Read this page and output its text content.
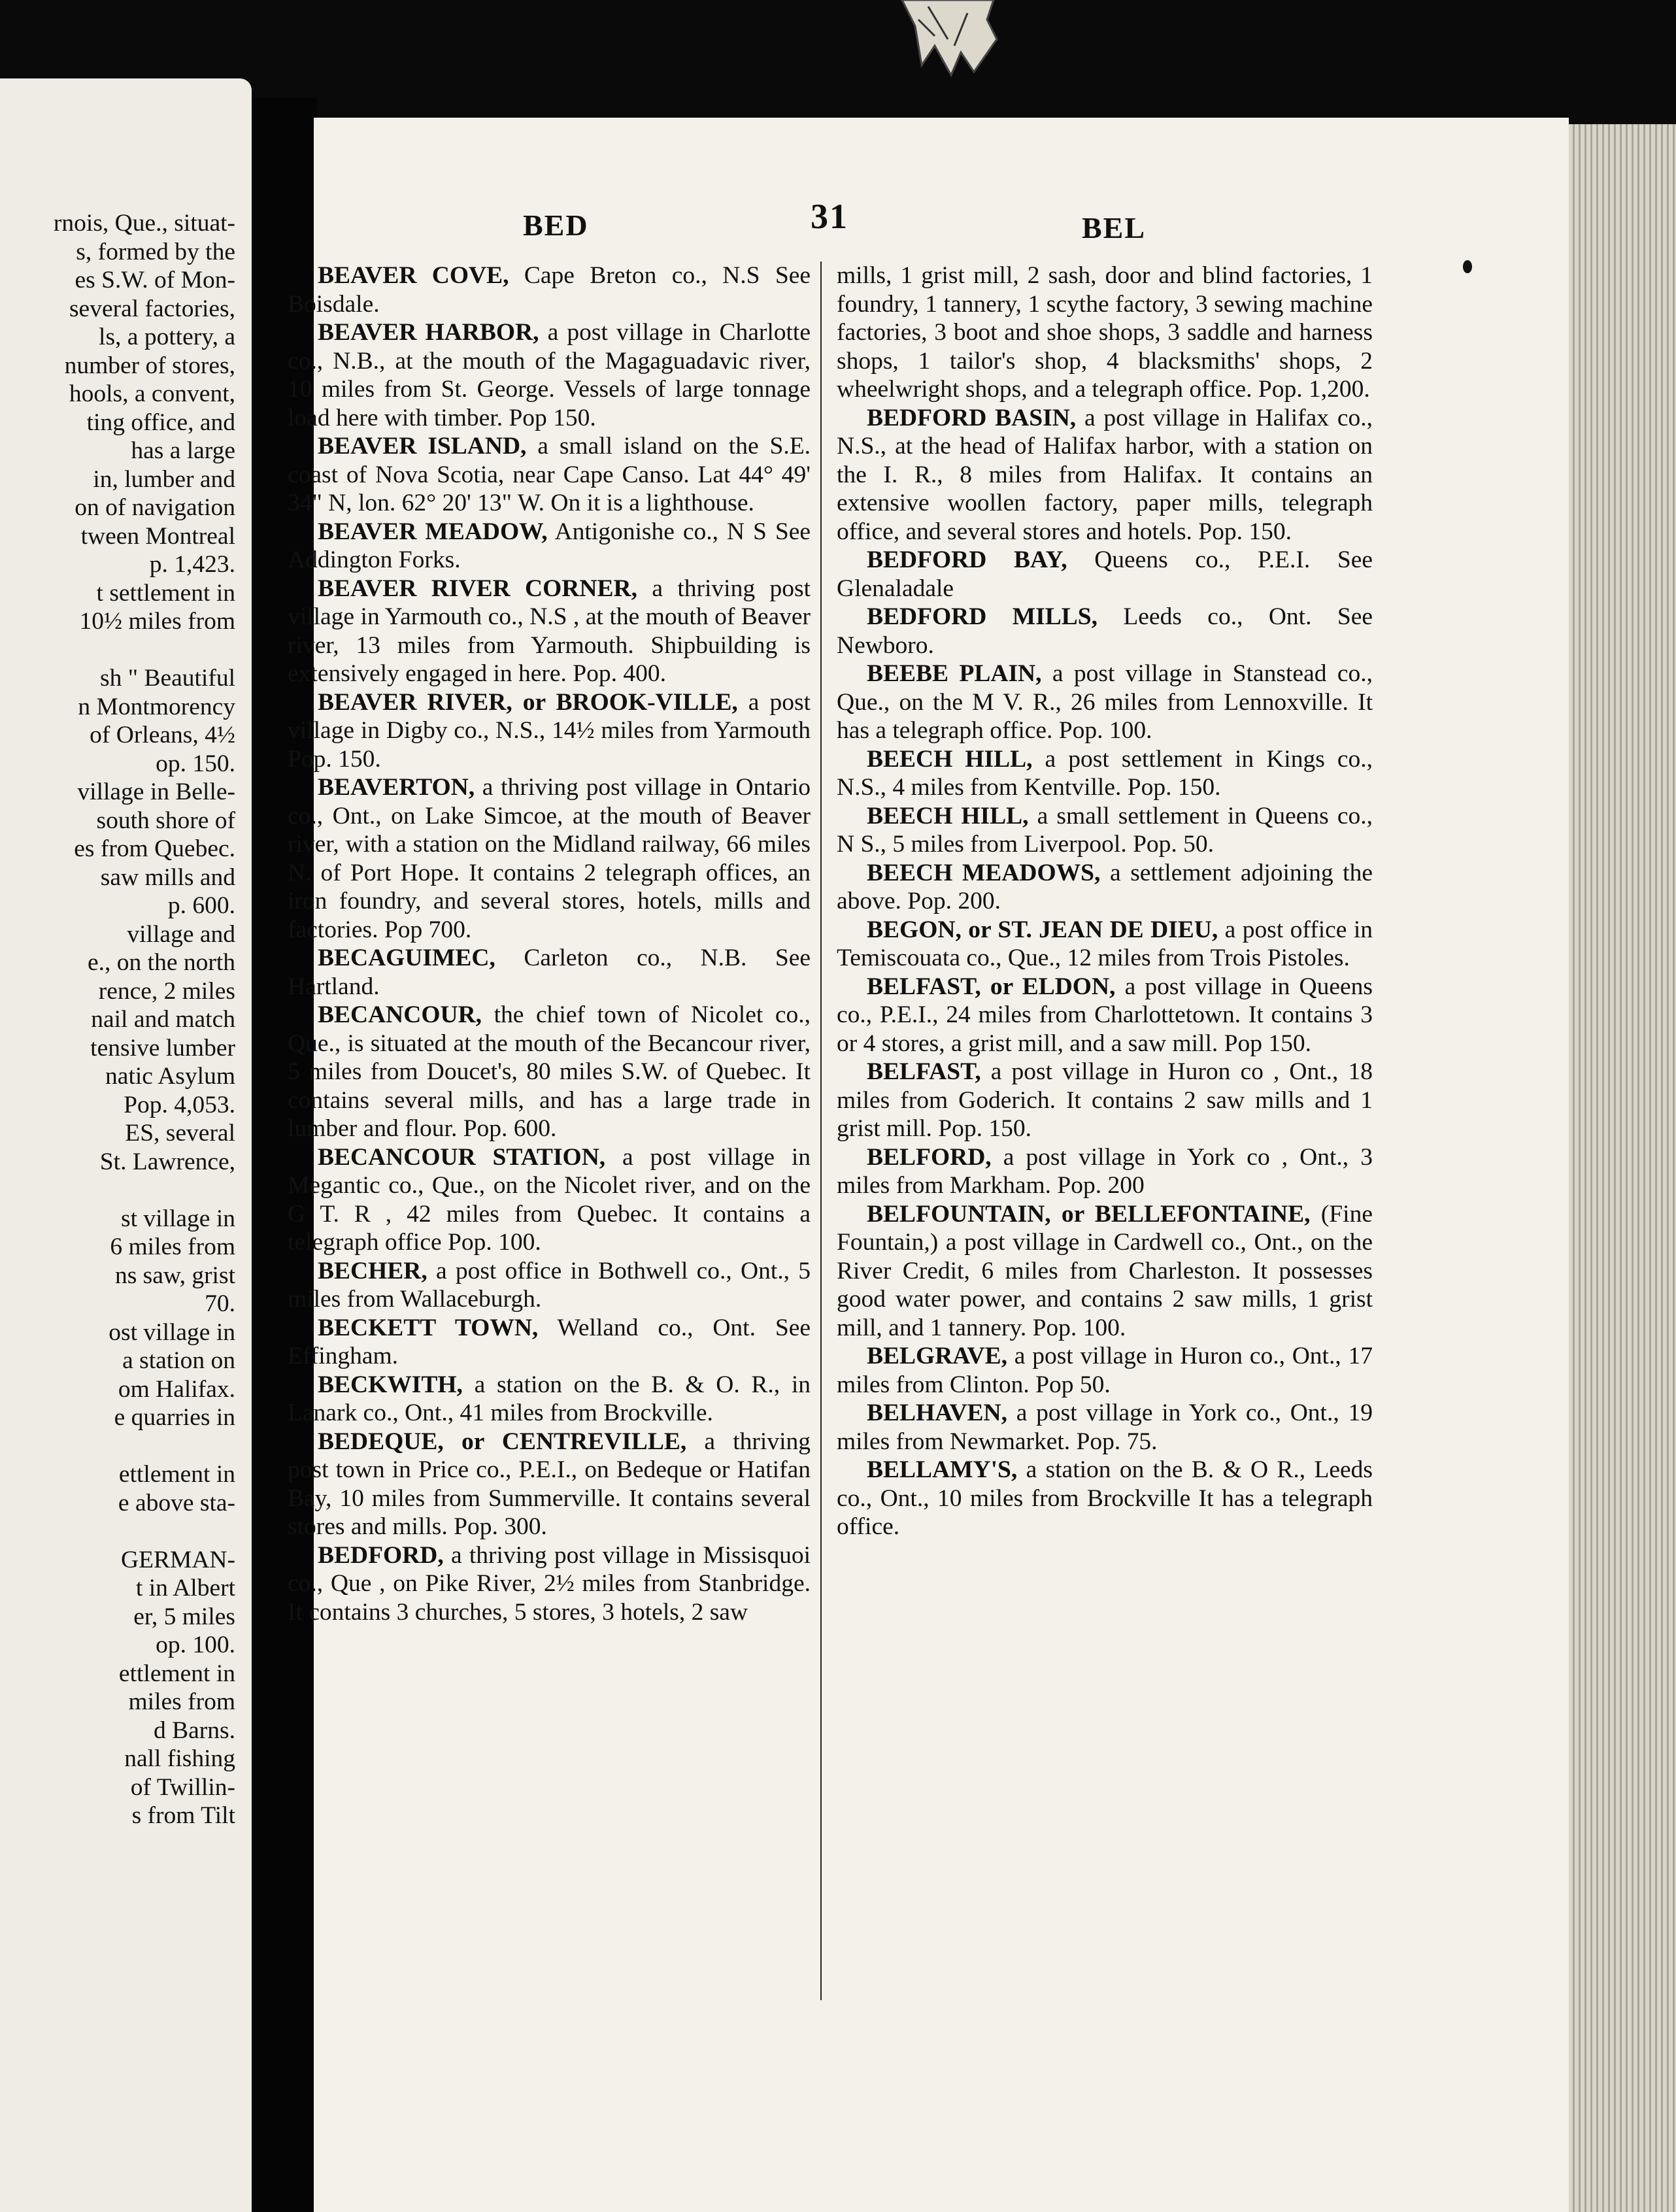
rnois, Que., situat-
s, formed by the
es S.W. of Mon-
several factories,
ls, a pottery, a
number of stores,
hools, a convent,
ting office, and
has a large
in, lumber and
on of navigation
tween Montreal
p. 1,423.
t settlement in
10½ miles from
sh " Beautiful
n Montmorency
of Orleans, 4½
op. 150.
village in Belle-
south shore of
es from Quebec.
saw mills and
p. 600.
village and
e., on the north
rence, 2 miles
nail and match
tensive lumber
natic Asylum
Pop. 4,053.
ES, several
St. Lawrence,
st village in
6 miles from
ns saw, grist
70.
ost village in
a station on
om Halifax.
e quarries in
ettlement in
e above sta-
GERMAN-
t in Albert
er, 5 miles
op. 100.
ettlement in
miles from
d Barns.
nall fishing
of Twillin-
s from Tilt
BED	31	BEL

BEAVER COVE, Cape Breton co., N.S See Boisdale.

BEAVER HARBOR, a post village in Charlotte co., N.B., at the mouth of the Magaguadavic river, 10 miles from St. George. Vessels of large tonnage load here with timber. Pop 150.

BEAVER ISLAND, a small island on the S.E. coast of Nova Scotia, near Cape Canso. Lat 44° 49' 34" N, lon. 62° 20' 13" W. On it is a lighthouse.

BEAVER MEADOW, Antigonishe co., N S See Addington Forks.

BEAVER RIVER CORNER, a thriving post village in Yarmouth co., N.S , at the mouth of Beaver river, 13 miles from Yarmouth. Shipbuilding is extensively engaged in here. Pop. 400.

BEAVER RIVER, or BROOK-VILLE, a post village in Digby co., N.S., 14½ miles from Yarmouth Pop. 150.

BEAVERTON, a thriving post village in Ontario co., Ont., on Lake Simcoe, at the mouth of Beaver river, with a station on the Midland railway, 66 miles N. of Port Hope. It contains 2 telegraph offices, an iron foundry, and several stores, hotels, mills and factories. Pop 700.

BECAGUIMEC, Carleton co., N.B. See Hartland.

BECANCOUR, the chief town of Nicolet co., Que., is situated at the mouth of the Becancour river, 5 miles from Doucet's, 80 miles S.W. of Quebec. It contains several mills, and has a large trade in lumber and flour. Pop. 600.

BECANCOUR STATION, a post village in Megantic co., Que., on the Nicolet river, and on the G T. R , 42 miles from Quebec. It contains a telegraph office Pop. 100.

BECHER, a post office in Bothwell co., Ont., 5 miles from Wallaceburgh.

BECKETT TOWN, Welland co., Ont. See Effingham.

BECKWITH, a station on the B. & O. R., in Lanark co., Ont., 41 miles from Brockville.

BEDEQUE, or CENTREVILLE, a thriving post town in Price co., P.E.I., on Bedeque or Hatifan Bay, 10 miles from Summerville. It contains several stores and mills. Pop. 300.

BEDFORD, a thriving post village in Missisquoi co., Que , on Pike River, 2½ miles from Stanbridge. It contains 3 churches, 5 stores, 3 hotels, 2 saw

mills, 1 grist mill, 2 sash, door and blind factories, 1 foundry, 1 tannery, 1 scythe factory, 3 sewing machine factories, 3 boot and shoe shops, 3 saddle and harness shops, 1 tailor's shop, 4 blacksmiths' shops, 2 wheelwright shops, and a telegraph office. Pop. 1,200.

BEDFORD BASIN, a post village in Halifax co., N.S., at the head of Halifax harbor, with a station on the I. R., 8 miles from Halifax. It contains an extensive woollen factory, paper mills, telegraph office, and several stores and hotels. Pop. 150.

BEDFORD BAY, Queens co., P.E.I. See Glenaladale

BEDFORD MILLS, Leeds co., Ont. See Newboro.

BEEBE PLAIN, a post village in Stanstead co., Que., on the M V. R., 26 miles from Lennoxville. It has a telegraph office. Pop. 100.

BEECH HILL, a post settlement in Kings co., N.S., 4 miles from Kentville. Pop. 150.

BEECH HILL, a small settlement in Queens co., N S., 5 miles from Liverpool. Pop. 50.

BEECH MEADOWS, a settlement adjoining the above. Pop. 200.

BEGON, or ST. JEAN DE DIEU, a post office in Temiscouata co., Que., 12 miles from Trois Pistoles.

BELFAST, or ELDON, a post village in Queens co., P.E.I., 24 miles from Charlottetown. It contains 3 or 4 stores, a grist mill, and a saw mill. Pop 150.

BELFAST, a post village in Huron co , Ont., 18 miles from Goderich. It contains 2 saw mills and 1 grist mill. Pop. 150.

BELFORD, a post village in York co , Ont., 3 miles from Markham. Pop. 200

BELFOUNTAIN, or BELLEFONTAINE, (Fine Fountain,) a post village in Cardwell co., Ont., on the River Credit, 6 miles from Charleston. It possesses good water power, and contains 2 saw mills, 1 grist mill, and 1 tannery. Pop. 100.

BELGRAVE, a post village in Huron co., Ont., 17 miles from Clinton. Pop 50.

BELHAVEN, a post village in York co., Ont., 19 miles from Newmarket. Pop. 75.

BELLAMY'S, a station on the B. & O R., Leeds co., Ont., 10 miles from Brockville It has a telegraph office.
